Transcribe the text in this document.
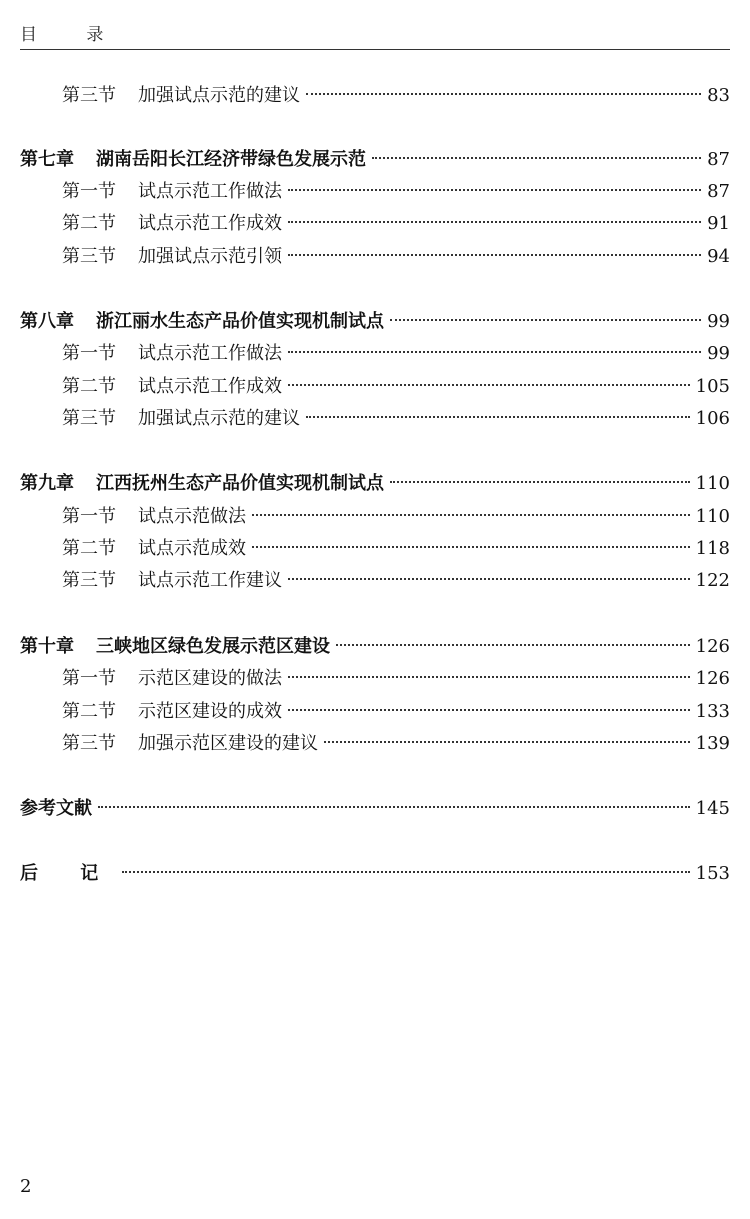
目 录
第三节 加强试点示范的建议	83
第七章 湖南岳阳长江经济带绿色发展示范	87
第一节 试点示范工作做法	87
第二节 试点示范工作成效	91
第三节 加强试点示范引领	94
第八章 浙江丽水生态产品价值实现机制试点	99
第一节 试点示范工作做法	99
第二节 试点示范工作成效	105
第三节 加强试点示范的建议	106
第九章 江西抚州生态产品价值实现机制试点	110
第一节 试点示范做法	110
第二节 试点示范成效	118
第三节 试点示范工作建议	122
第十章 三峡地区绿色发展示范区建设	126
第一节 示范区建设的做法	126
第二节 示范区建设的成效	133
第三节 加强示范区建设的建议	139
参考文献	145
后 记	153
2
